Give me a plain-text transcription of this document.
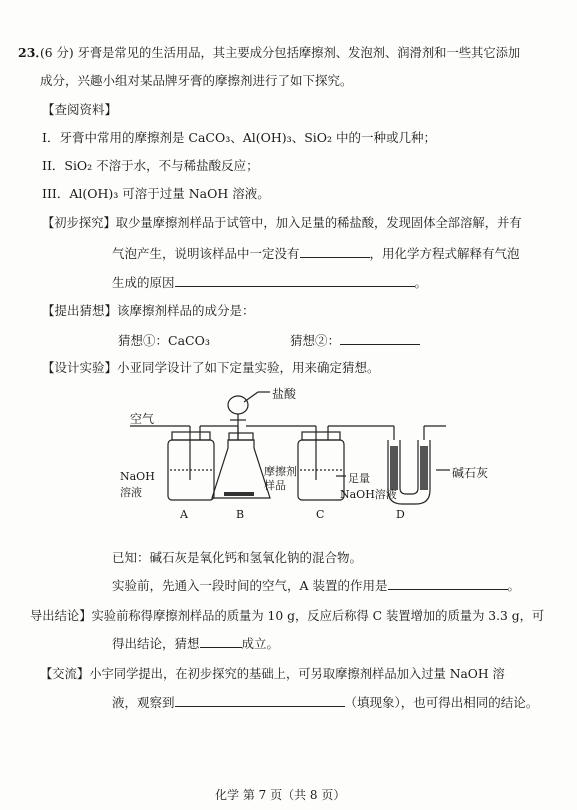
23．
(6 分) 牙膏是常见的生活用品，其主要成分包括摩擦剂、发泡剂、润滑剂和一些其它添加
成分，兴趣小组对某品牌牙膏的摩擦剂进行了如下探究。
【查阅资料】
I．牙膏中常用的摩擦剂是 CaCO₃、Al(OH)₃、SiO₂ 中的一种或几种；
II．SiO₂ 不溶于水，不与稀盐酸反应；
III．Al(OH)₃ 可溶于过量 NaOH 溶液。
【初步探究】取少量摩擦剂样品于试管中，加入足量的稀盐酸，发现固体全部溶解，并有
气泡产生，说明该样品中一定没有	，用化学方程式解释有气泡
生成的原因	。
【提出猜想】该摩擦剂样品的成分是：
猜想①：CaCO₃	猜想②：
【设计实验】小亚同学设计了如下定量实验，用来确定猜想。
空气
盐酸
NaOH
溶液
摩擦剂
样品
足量
NaOH溶液
碱石灰
A	B	C	D
已知：碱石灰是氧化钙和氢氧化钠的混合物。
实验前，先通入一段时间的空气，A 装置的作用是	。
导出结论】实验前称得摩擦剂样品的质量为 10 g，反应后称得 C 装置增加的质量为 3.3 g，可
得出结论，猜想	成立。
【交流】小宇同学提出，在初步探究的基础上，可另取摩擦剂样品加入过量 NaOH 溶
液，观察到	（填现象），也可得出相同的结论。
化学 第 7 页（共 8 页）
